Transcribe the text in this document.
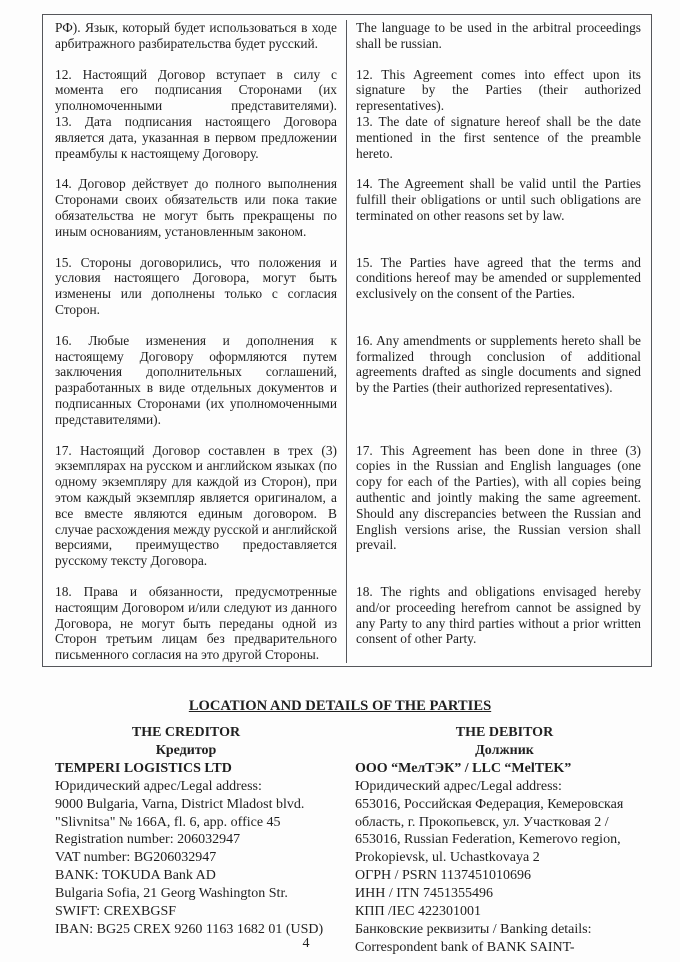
РФ). Язык, который будет использоваться в ходе арбитражного разбирательства будет русский.

The language to be used in the arbitral proceedings shall be russian.

12. Настоящий Договор вступает в силу с момента его подписания Сторонами (их уполномоченными представителями).

13. Дата подписания настоящего Договора является дата, указанная в первом предложении преамбулы к настоящему Договору.

12. This Agreement comes into effect upon its signature by the Parties (their authorized representatives).

13. The date of signature hereof shall be the date mentioned in the first sentence of the preamble hereto.

14. Договор действует до полного выполнения Сторонами своих обязательств или пока такие обязательства не могут быть прекращены по иным основаниям, установленным законом.

14. The Agreement shall be valid until the Parties fulfill their obligations or until such obligations are terminated on other reasons set by law.

15. Стороны договорились, что положения и условия настоящего Договора, могут быть изменены или дополнены только с согласия Сторон.

15. The Parties have agreed that the terms and conditions hereof may be amended or supplemented exclusively on the consent of the Parties.

16. Любые изменения и дополнения к настоящему Договору оформляются путем заключения дополнительных соглашений, разработанных в виде отдельных документов и подписанных Сторонами (их уполномоченными представителями).

16. Any amendments or supplements hereto shall be formalized through conclusion of additional agreements drafted as single documents and signed by the Parties (their authorized representatives).

17. Настоящий Договор составлен в трех (3) экземплярах на русском и английском языках (по одному экземпляру для каждой из Сторон), при этом каждый экземпляр является оригиналом, а все вместе являются единым договором. В случае расхождения между русской и английской версиями, преимущество предоставляется русскому тексту Договора.

17. This Agreement has been done in three (3) copies in the Russian and English languages (one copy for each of the Parties), with all copies being authentic and jointly making the same agreement. Should any discrepancies between the Russian and English versions arise, the Russian version shall prevail.

18. Права и обязанности, предусмотренные настоящим Договором и/или следуют из данного Договора, не могут быть переданы одной из Сторон третьим лицам без предварительного письменного согласия на это другой Стороны.

18. The rights and obligations envisaged hereby and/or proceeding herefrom cannot be assigned by any Party to any third parties without a prior written consent of other Party.

LOCATION AND DETAILS OF THE PARTIES
THE CREDITOR
Кредитор
TEMPERI LOGISTICS LTD
Юридический адрес/Legal address:
9000 Bulgaria, Varna, District Mladost blvd.
"Slivnitsa" № 166A, fl. 6, app. office 45
Registration number: 206032947
VAT number: BG206032947
BANK: TOKUDA Bank AD
Bulgaria Sofia, 21 Georg Washington Str.
SWIFT: CREXBGSF
IBAN: BG25 CREX 9260 1163 1682 01 (USD)
THE DEBITOR
Должник
ООО “МелТЭК” / LLC “MelTEK”
Юридический адрес/Legal address:
653016, Российская Федерация, Кемеровская
область, г. Прокопьевск, ул. Участковая 2 /
653016, Russian Federation, Kemerovo region,
Prokopievsk, ul. Uchastkovaya 2
ОГРН / PSRN 1137451010696
ИНН / ITN 7451355496
КПП /IEC 422301001
Банковские реквизиты / Banking details:
Correspondent bank of BANK SAINT-
4
